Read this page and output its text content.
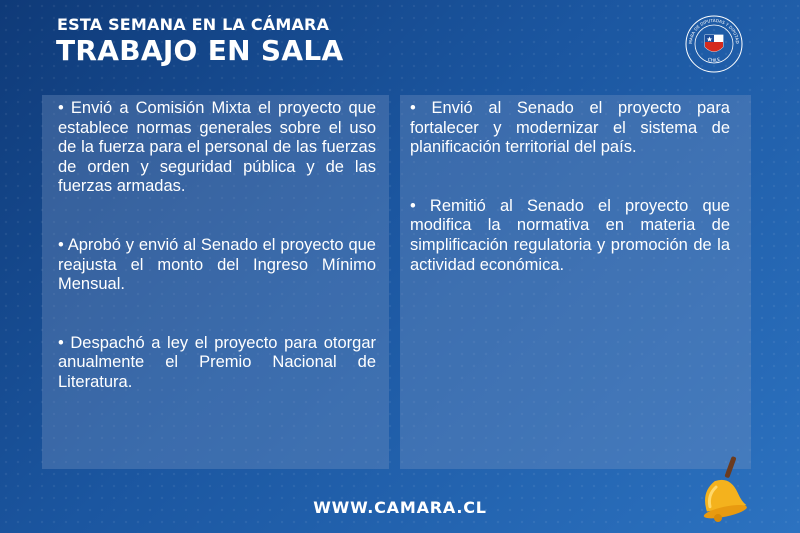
ESTA SEMANA EN LA CÁMARA
TRABAJO EN SALA	MARA DE DIPUTADAS Y DIPUTAD
CHILE
• Envió a Comisión Mixta el proyecto que establece normas generales sobre el uso de la fuerza para el personal de las fuerzas de orden y seguridad pública y de las fuerzas armadas.
• Aprobó y envió al Senado el proyecto que reajusta el monto del Ingreso Mínimo Mensual.
• Despachó a ley el proyecto para otorgar anualmente el Premio Nacional de Literatura.
• Envió al Senado el proyecto para fortalecer y modernizar el sistema de planificación territorial del país.
• Remitió al Senado el proyecto que modifica la normativa en materia de simplificación regulatoria y promoción de la actividad económica.
WWW.CAMARA.CL
